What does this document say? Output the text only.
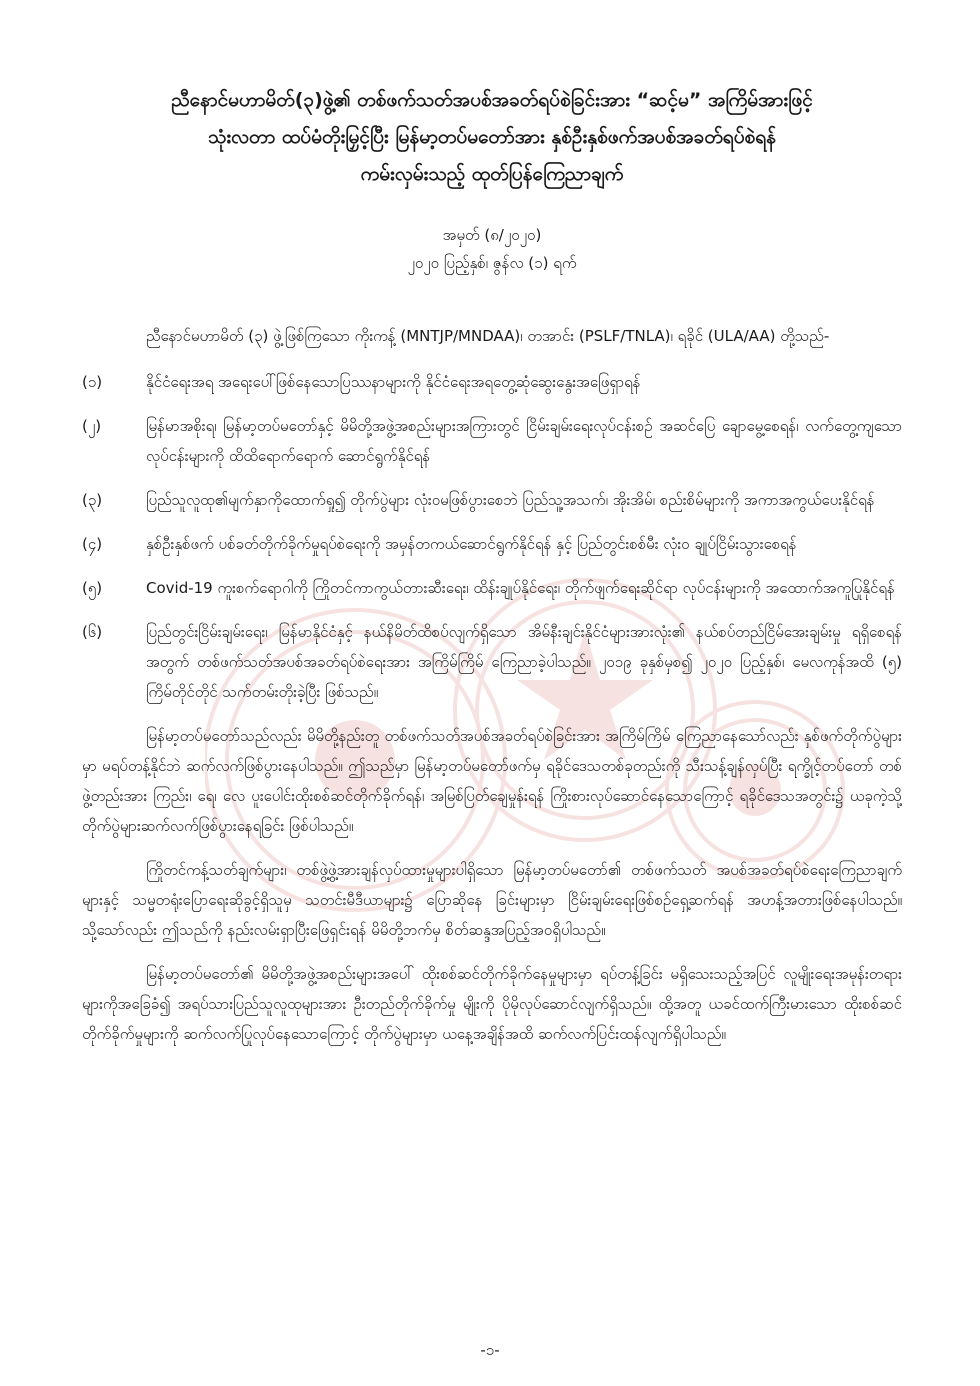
ညီနောင်မဟာမိတ်(၃)ဖွဲ့၏ တစ်ဖက်သတ်အပစ်အခတ်ရပ်စဲခြင်းအား “ဆင့်မ” အကြိမ်အားဖြင့်
သုံးလတာ ထပ်မံတိုးမြှင့်ပြီး မြန်မာ့တပ်မတော်အား နှစ်ဦးနှစ်ဖက်အပစ်အခတ်ရပ်စဲရန်
ကမ်းလှမ်းသည့် ထုတ်ပြန်ကြေညာချက်
အမှတ် (၈/၂၀၂၀)
၂၀၂၀ ပြည့်နှစ်၊ ဇွန်လ (၁) ရက်
ညီနောင်မဟာမိတ် (၃) ဖွဲ့ဖြစ်ကြသော ကိုးကန့် (MNTJP/MNDAA)၊ တအာင်း (PSLF/TNLA)၊ ရခိုင် (ULA/AA) တို့သည်-
(၁)	နိုင်ငံရေးအရ အရေးပေါ်ဖြစ်နေသောပြဿနာများကို နိုင်ငံရေးအရတွေ့ဆုံဆွေးနွေးအဖြေရှာရန်
(၂)	မြန်မာအစိုးရ၊ မြန်မာ့တပ်မတော်နှင့် မိမိတို့အဖွဲ့အစည်းများအကြားတွင် ငြိမ်းချမ်းရေးလုပ်ငန်းစဉ် အဆင်ပြေ ချောမွေ့စေရန်၊ လက်တွေ့ကျသောလုပ်ငန်းများကို ထိထိရောက်ရောက် ဆောင်ရွက်နိုင်ရန်
(၃)	ပြည်သူလူထု၏မျက်နှာကိုထောက်ရှု၍ တိုက်ပွဲများ လုံးဝမဖြစ်ပွားစေဘဲ ပြည်သူ့အသက်၊ အိုးအိမ်၊ စည်းစိမ်များကို အကာအကွယ်ပေးနိုင်ရန်
(၄)	နှစ်ဦးနှစ်ဖက် ပစ်ခတ်တိုက်ခိုက်မှုရပ်စဲရေးကို အမှန်တကယ်ဆောင်ရွက်နိုင်ရန် နှင့် ပြည်တွင်းစစ်မီး လုံးဝ ချုပ်ငြိမ်းသွားစေရန်
(၅)	Covid-19 ကူးစက်ရောဂါကို ကြိုတင်ကာကွယ်တားဆီးရေး၊ ထိန်းချုပ်နိုင်ရေး၊ တိုက်ဖျက်ရေးဆိုင်ရာ လုပ်ငန်းများကို အထောက်အကူပြုနိုင်ရန်
(၆)	ပြည်တွင်းငြိမ်းချမ်းရေး၊ မြန်မာနိုင်ငံနှင့် နယ်နိမိတ်ထိစပ်လျက်ရှိသော အိမ်နီးချင်းနိုင်ငံများအားလုံး၏ နယ်စပ်တည်ငြိမ်အေးချမ်းမှု ရရှိစေရန်အတွက် တစ်ဖက်သတ်အပစ်အခတ်ရပ်စဲရေးအား အကြိမ်ကြိမ် ကြေညာခဲ့ပါသည်။ ၂၀၁၉ ခုနှစ်မှစ၍ ၂၀၂၀ ပြည့်နှစ်၊ မေလကုန်အထိ (၅) ကြိမ်တိုင်တိုင် သက်တမ်းတိုးခဲ့ပြီး ဖြစ်သည်။
မြန်မာ့တပ်မတော်သည်လည်း မိမိတို့နည်းတူ တစ်ဖက်သတ်အပစ်အခတ်ရပ်စဲခြင်းအား အကြိမ်ကြိမ် ကြေညာနေသော်လည်း နှစ်ဖက်တိုက်ပွဲများမှာ မရပ်တန့်နိုင်ဘဲ ဆက်လက်ဖြစ်ပွားနေပါသည်။ ဤသည်မှာ မြန်မာ့တပ်မတော်ဖက်မှ ရခိုင်ဒေသတစ်ခုတည်းကို သီးသန့်ချန်လှပ်ပြီး ရက္ခိုင့်တပ်တော် တစ်ဖွဲ့တည်းအား ကြည်း၊ ရေ၊ လေ ပူးပေါင်းထိုးစစ်ဆင်တိုက်ခိုက်ရန်၊ အမြစ်ပြတ်ချေမှုန်းရန် ကြိုးစားလုပ်ဆောင်နေသောကြောင့် ရခိုင်ဒေသအတွင်း၌ ယခုကဲ့သို့ တိုက်ပွဲများဆက်လက်ဖြစ်ပွားနေရခြင်း ဖြစ်ပါသည်။
ကြိုတင်ကန့်သတ်ချက်များ၊ တစ်ဖွဲ့ဖွဲ့အားချန်လှပ်ထားမှုများပါရှိသော မြန်မာ့တပ်မတော်၏ တစ်ဖက်သတ် အပစ်အခတ်ရပ်စဲရေးကြေညာချက်များနှင့် သမ္မတရုံးပြောရေးဆိုခွင့်ရှိသူမှ သတင်းမီဒီယာများ၌ ပြောဆိုနေ ခြင်းများမှာ ငြိမ်းချမ်းရေးဖြစ်စဉ်ရှေ့ဆက်ရန် အဟန့်အတားဖြစ်နေပါသည်။ သို့သော်လည်း ဤသည်ကို နည်းလမ်းရှာပြီးဖြေရှင်းရန် မိမိတို့ဘက်မှ စိတ်ဆန္ဒအပြည့်အဝရှိပါသည်။
မြန်မာ့တပ်မတော်၏ မိမိတို့အဖွဲ့အစည်းများအပေါ် ထိုးစစ်ဆင်တိုက်ခိုက်နေမှုများမှာ ရပ်တန့်ခြင်း မရှိသေးသည့်အပြင် လူမျိုးရေးအမုန်းတရားများကိုအခြေခံ၍ အရပ်သားပြည်သူလူထုများအား ဦးတည်တိုက်ခိုက်မှု မျိုးကို ပိုမိုလုပ်ဆောင်လျက်ရှိသည်။ ထို့အတူ ယခင်ထက်ကြီးမားသော ထိုးစစ်ဆင်တိုက်ခိုက်မှုများကို ဆက်လက်ပြုလုပ်နေသောကြောင့် တိုက်ပွဲများမှာ ယနေ့အချိန်အထိ ဆက်လက်ပြင်းထန်လျက်ရှိပါသည်။
-၁-
